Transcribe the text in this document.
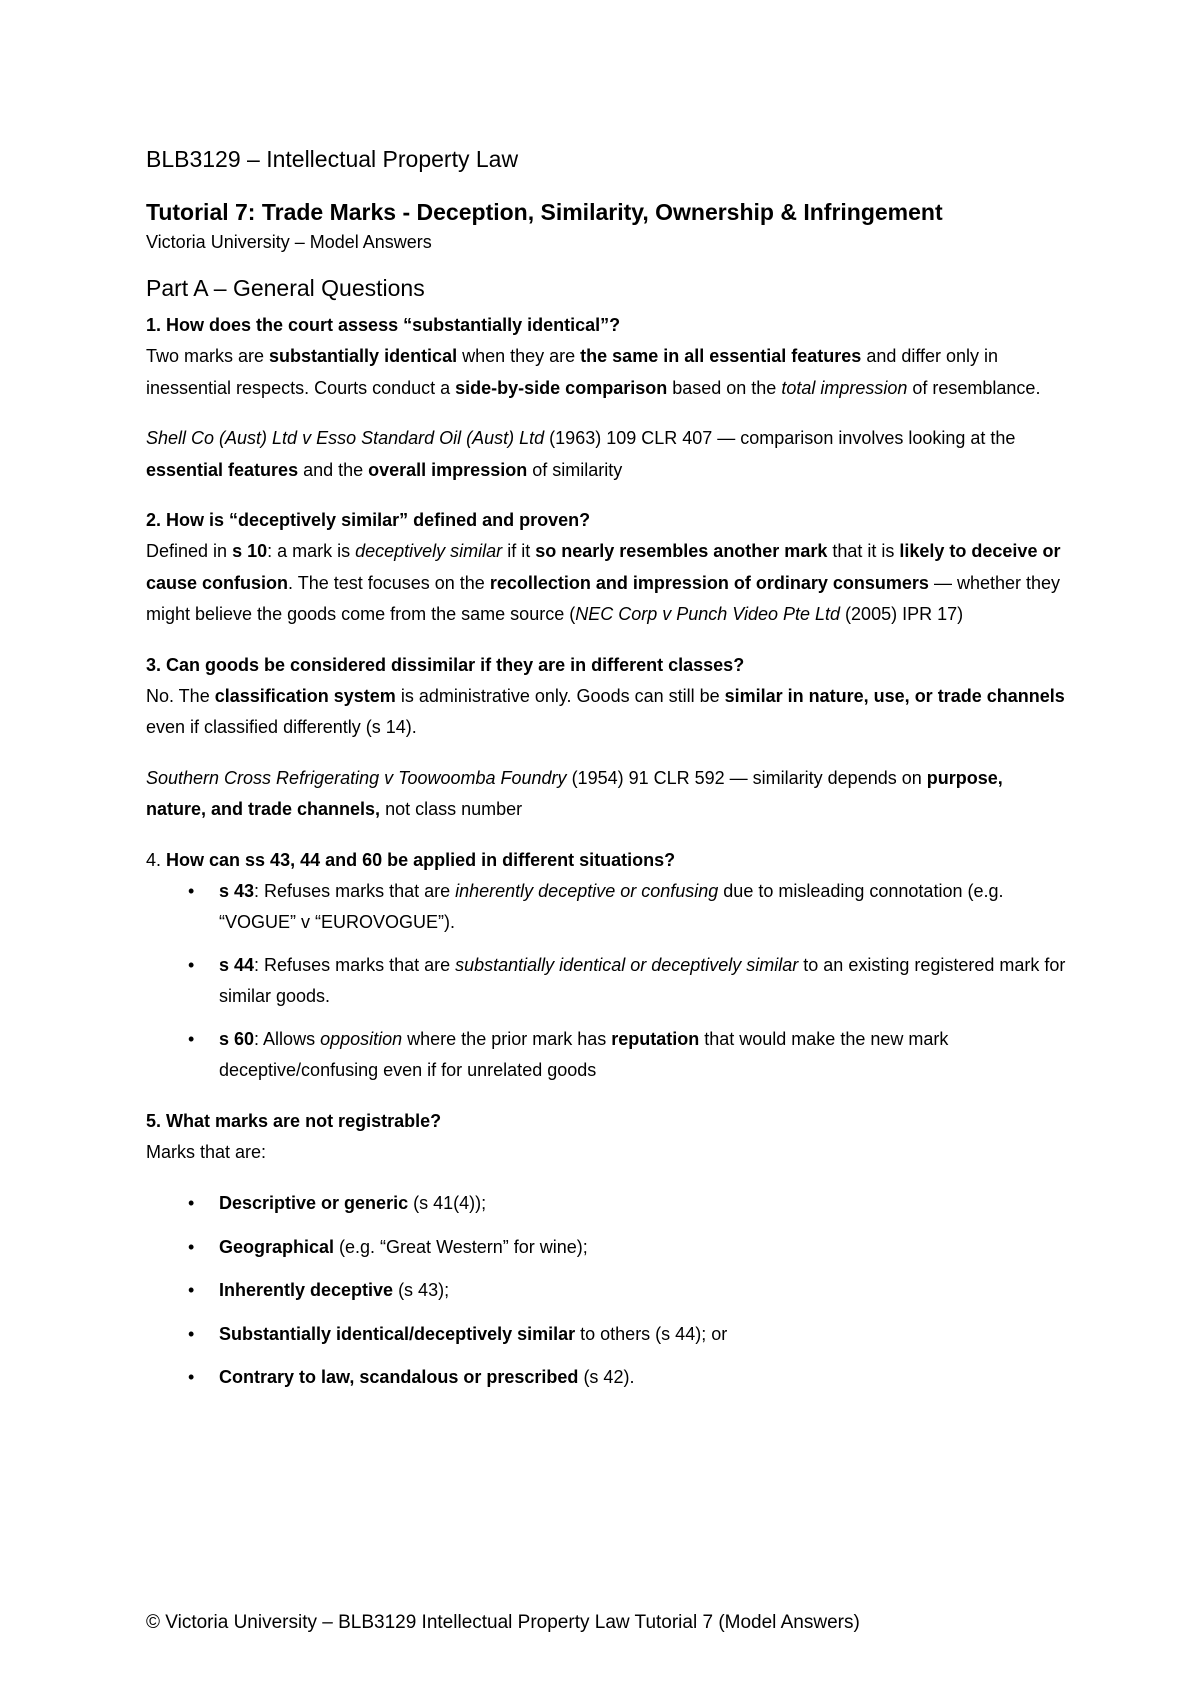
BLB3129 – Intellectual Property Law
Tutorial 7: Trade Marks - Deception, Similarity, Ownership & Infringement

Victoria University – Model Answers

Part A – General Questions

1. How does the court assess “substantially identical”?

Two marks are substantially identical when they are the same in all essential features and differ only in inessential respects. Courts conduct a side-by-side comparison based on the total impression of resemblance.

Shell Co (Aust) Ltd v Esso Standard Oil (Aust) Ltd (1963) 109 CLR 407 — comparison involves looking at the essential features and the overall impression of similarity

2. How is “deceptively similar” defined and proven?

Defined in s 10: a mark is deceptively similar if it so nearly resembles another mark that it is likely to deceive or cause confusion. The test focuses on the recollection and impression of ordinary consumers — whether they might believe the goods come from the same source (NEC Corp v Punch Video Pte Ltd (2005) IPR 17)

3. Can goods be considered dissimilar if they are in different classes?

No. The classification system is administrative only. Goods can still be similar in nature, use, or trade channels even if classified differently (s 14).

Southern Cross Refrigerating v Toowoomba Foundry (1954) 91 CLR 592 — similarity depends on purpose, nature, and trade channels, not class number

4. How can ss 43, 44 and 60 be applied in different situations?

• s 43: Refuses marks that are inherently deceptive or confusing due to misleading connotation (e.g. “VOGUE” v “EUROVOGUE”).
• s 44: Refuses marks that are substantially identical or deceptively similar to an existing registered mark for similar goods.
• s 60: Allows opposition where the prior mark has reputation that would make the new mark deceptive/confusing even if for unrelated goods

5. What marks are not registrable?

Marks that are:

• Descriptive or generic (s 41(4));
• Geographical (e.g. “Great Western” for wine);
• Inherently deceptive (s 43);
• Substantially identical/deceptively similar to others (s 44); or
• Contrary to law, scandalous or prescribed (s 42).

© Victoria University – BLB3129 Intellectual Property Law Tutorial 7 (Model Answers)
